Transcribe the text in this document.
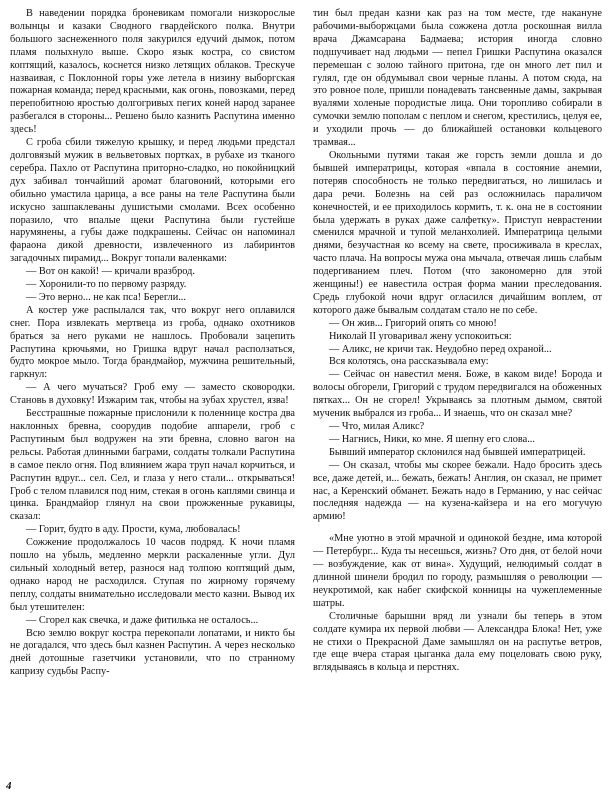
В наведении порядка броневикам помогали низкорослые волынцы и казаки Сводного гвардейского полка. Внутри большого заснеженного поля закурился едучий дымок, потом пламя полыхнуло выше. Скоро язык костра, со свистом коптящий, казалось, коснется низко летящих облаков. Трескуче назваивая, с Поклонной горы уже летела в низину выборгская пожарная команда; перед красными, как огонь, повозками, перед перепобитною яростью долгогривых пегих коней народ заранее разбегался в стороны... Решено было казнить Распутина именно здесь!

С гроба сбили тяжелую крышку, и перед людьми предстал долговязый мужик в вельветовых портках, в рубахе из тканого серебра. Пахло от Распутина приторно-сладко, но покойницкий дух забивал тончайший аромат благовоний, которыми его обильно умастила царица, а все раны на теле Распутина были искусно зашпаклеваны душистыми смолами. Всех особенно поразило, что впалые щеки Распутина были густейше нарумянены, а губы даже подкрашены. Сейчас он напоминал фараона дикой древности, извлеченного из лабиринтов загадочных пирамид... Вокруг топали валенками:

— Вот он какой! — кричали вразброд.

— Хоронили-то по первому разряду.

— Это верно... не как пса! Берегли...

А костер уже распылался так, что вокруг него оплавился снег. Пора извлекать мертвеца из гроба, однако охотников браться за него руками не нашлось. Пробовали зацепить Распутина крючьями, но Гришка вдруг начал расползаться, будто мокрое мыло. Тогда брандмайор, мужчина решительный, гаркнул:

— А чего мучаться? Гроб ему — заместо сковородки. Становь в духовку! Изжарим так, чтобы на зубах хрустел, язва!

Бесстрашные пожарные прислонили к поленнице костра два наклонных бревна, соорудив подобие аппарели, гроб с Распутиным был водружен на эти бревна, словно вагон на рельсы. Работая длинными баграми, солдаты толкали Распутина в самое пекло огня. Под влиянием жара труп начал корчиться, и Распутин вдруг... сел. Сел, и глаза у него стали... открываться! Гроб с телом плавился под ним, стекая в огонь каплями свинца и цинка. Брандмайор глянул на свои прожженные рукавицы, сказал:

— Горит, будто в аду. Прости, кума, любовалась!

Сожжение продолжалось 10 часов подряд. К ночи пламя пошло на убыль, медленно меркли раскаленные угли. Дул сильный холодный ветер, разнося над толпою коптящий дым, однако народ не расходился. Ступая по жирному горячему пеплу, солдаты внимательно исследовали место казни. Вывод их был утешителен:

— Сгорел как свечка, и даже фитилька не осталось...

Всю землю вокруг костра перекопали лопатами, и никто бы не догадался, что здесь был казнен Распутин. А через несколько дней дотошные газетчики установили, что по странному капризу судьбы Распу-

тин был предан казни как раз на том месте, где накануне рабочими-выборжцами была сожжена дотла роскошная вилла врача Джамсарана Бадмаева; история иногда словно подшучивает над людьми — пепел Гришки Распутина оказался перемешан с золою тайного притона, где он много лет пил и гулял, где он обдумывал свои черные планы. А потом сюда, на это ровное поле, пришли понадевать тансвенные дамы, закрывая вуалями холеные породистые лица. Они торопливо собирали в сумочки землю пополам с пеплом и снегом, крестились, целуя ее, и уходили прочь — до ближайшей остановки кольцевого трамвая...

Окольными путями такая же горсть земли дошла и до бывшей императрицы, которая «впала в состояние анемии, потеряв способность не только передвигаться, но лишилась и дара речи. Болезнь на сей раз осложнилась параличом конечностей, и ее приходилось кормить, т. к. она не в состоянии была удержать в руках даже салфетку». Приступ неврастении сменился мрачной и тупой меланхолией. Императрица целыми днями, безучастная ко всему на свете, просиживала в креслах, часто плача. На вопросы мужа она мычала, отвечая лишь слабым подергиванием плеч. Потом (что закономерно для этой женщины!) ее навестила острая форма мании преследования. Средь глубокой ночи вдруг огласился дичайшим воплем, от которого даже бывалым солдатам стало не по себе.

— Он жив... Григорий опять со мною!

Николай II уговаривал жену успокоиться:

— Аликс, не кричи так. Неудобно перед охраной...

Вся колотясь, она рассказывала ему:

— Сейчас он навестил меня. Боже, в каком виде! Борода и волосы обгорели, Григорий с трудом передвигался на обоженных пятках... Он не сгорел! Укрываясь за плотным дымом, святой мученик выбрался из гроба... И знаешь, что он сказал мне?

— Что, милая Аликс?

— Нагнись, Ники, ко мне. Я шепну его слова...

Бывший император склонился над бывшей императрицей.

— Он сказал, чтобы мы скорее бежали. Надо бросить здесь все, даже детей, и... бежать, бежать! Англия, он сказал, не примет нас, а Керенский обманет. Бежать надо в Германию, у нас сейчас последняя надежда — на кузена-кайзера и на его могучую армию!

«Мне уютно в этой мрачной и одинокой бездне, има которой — Петербург... Куда ты несешься, жизнь? Ото дня, от белой ночи — возбуждение, как от вина». Худущий, нелюдимый солдат в длинной шинели бродил по городу, размышляя о революции — неукротимой, как набег скифской конницы на чужеплеменные шатры.

Столичные барышни вряд ли узнали бы теперь в этом солдате кумира их первой любви — Александра Блока! Нет, уже не стихи о Прекрасной Даме замышлял он на распутье ветров, где еще вчера старая цыганка дала ему поцеловать свою руку, вглядываясь в кольца и перстнях.

4
